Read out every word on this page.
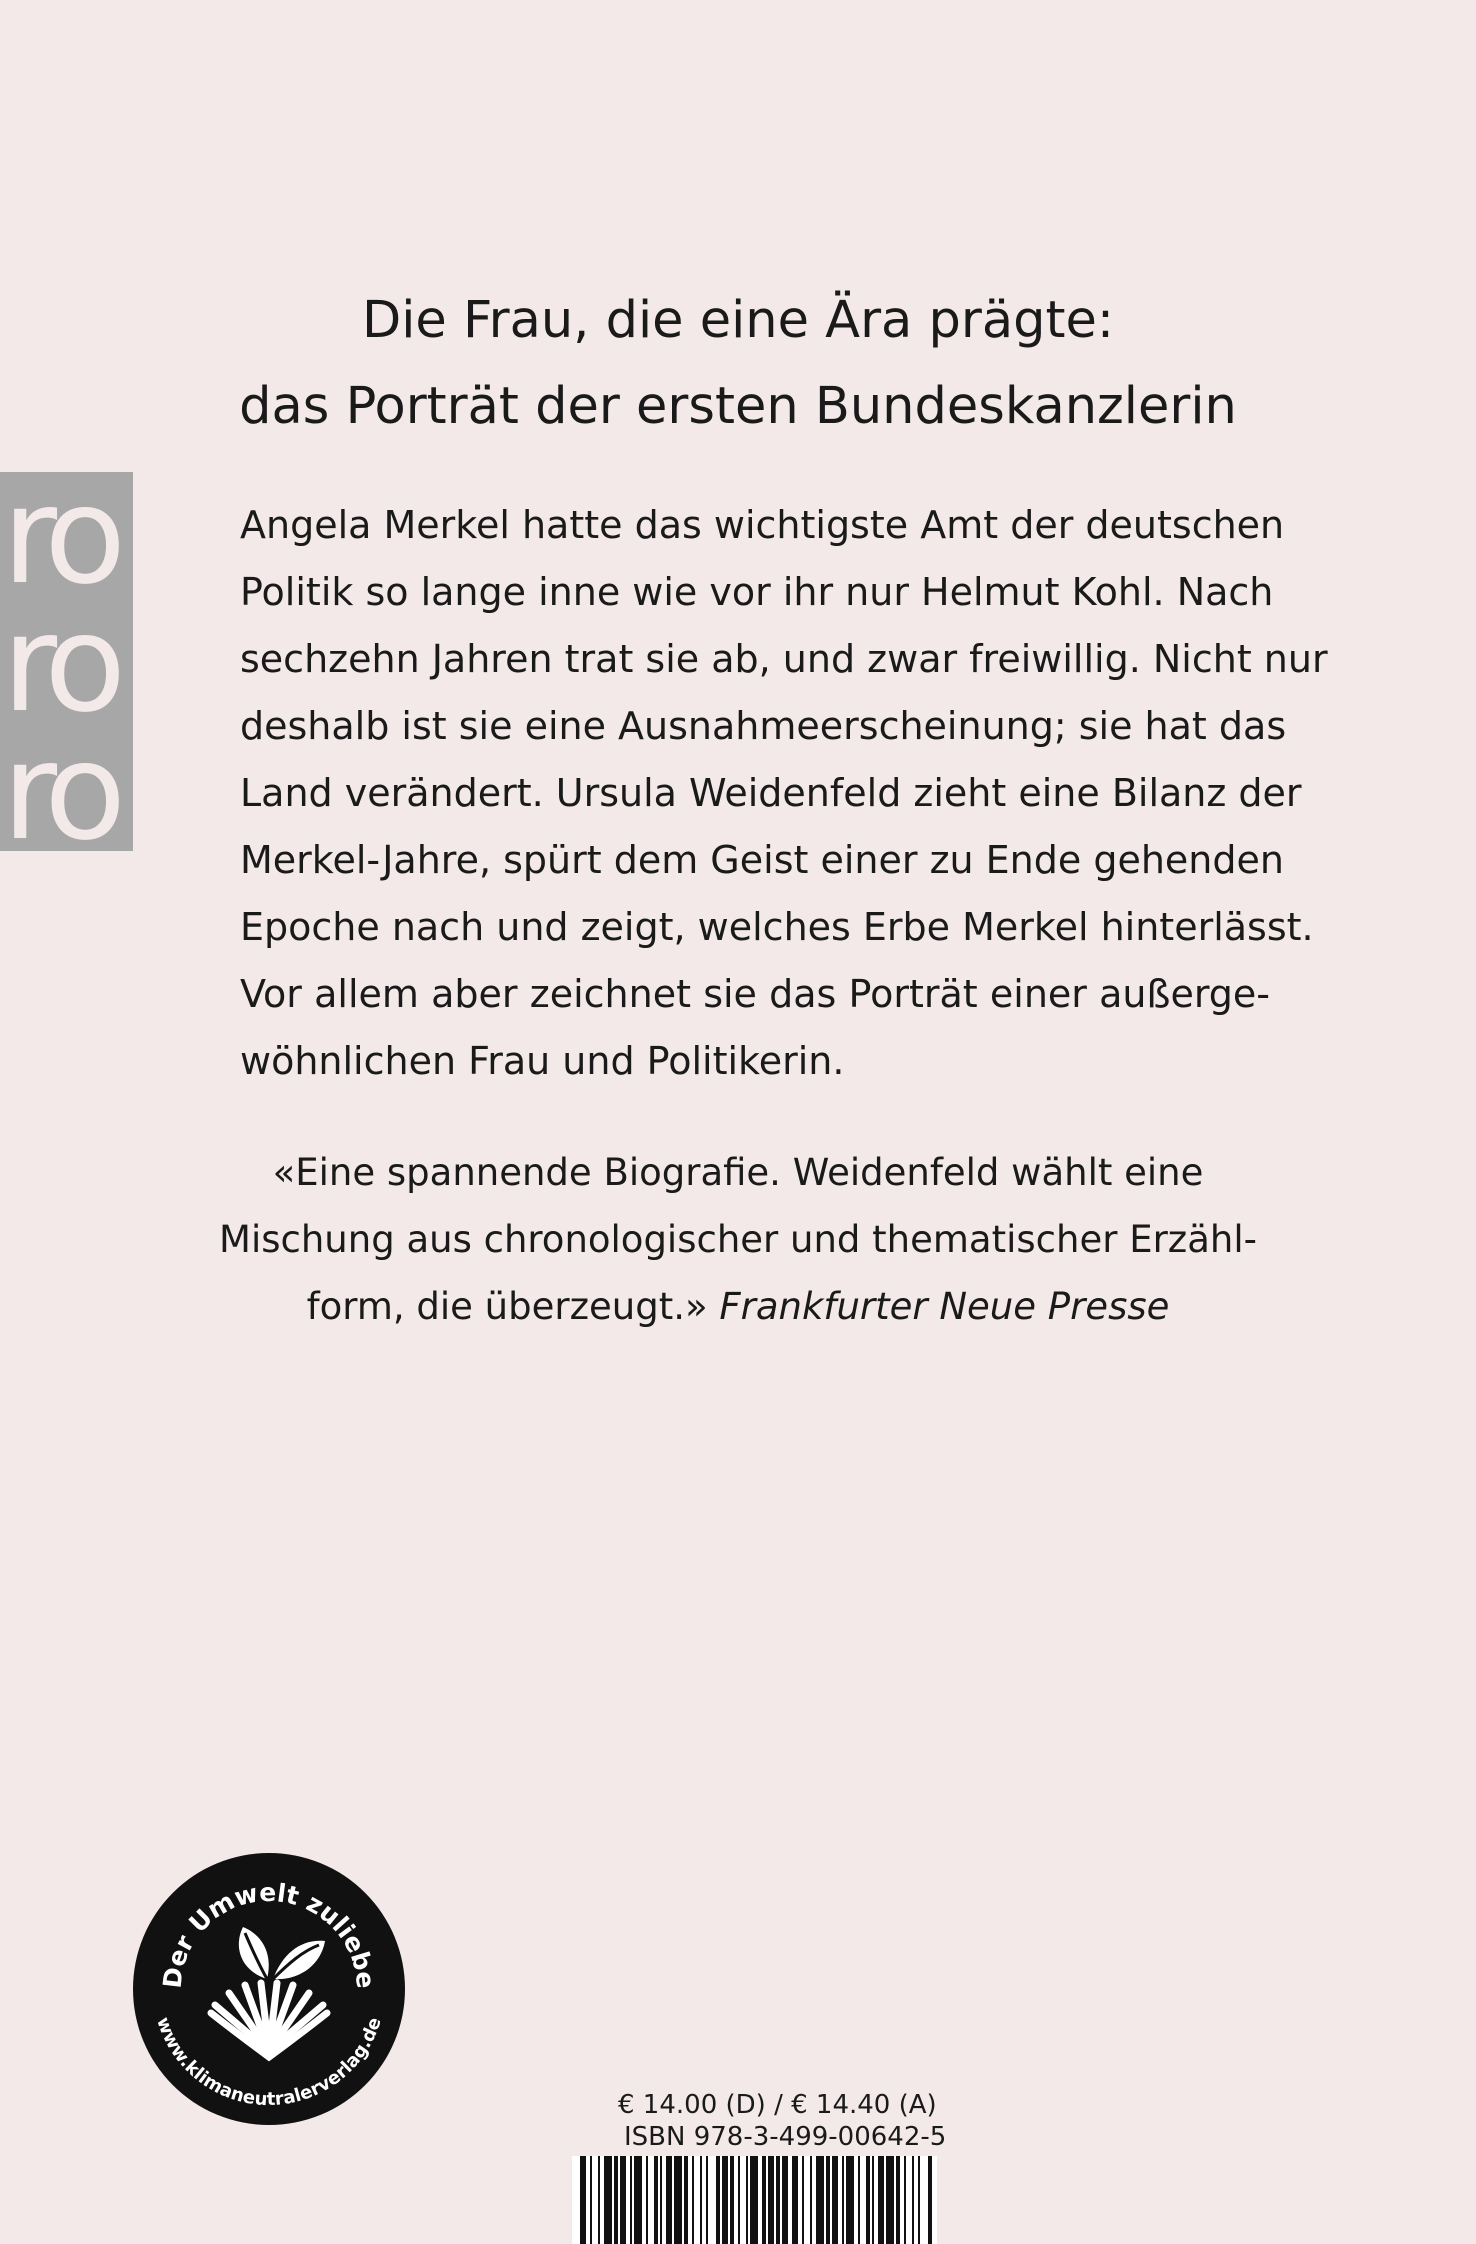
Die Frau, die eine Ära prägte:
das Porträt der ersten Bundeskanzlerin
ro
ro
ro
Angela Merkel hatte das wichtigste Amt der deutschen
Politik so lange inne wie vor ihr nur Helmut Kohl. Nach
sechzehn Jahren trat sie ab, und zwar freiwillig. Nicht nur
deshalb ist sie eine Ausnahmeerscheinung; sie hat das
Land verändert. Ursula Weidenfeld zieht eine Bilanz der
Merkel-Jahre, spürt dem Geist einer zu Ende gehenden
Epoche nach und zeigt, welches Erbe Merkel hinterlässt.
Vor allem aber zeichnet sie das Porträt einer außerge-
wöhnlichen Frau und Politikerin.
«Eine spannende Biografie. Weidenfeld wählt eine
Mischung aus chronologischer und thematischer Erzähl-
form, die überzeugt.» Frankfurter Neue Presse
Der Umwelt zuliebe
www.klimaneutralerverlag.de
€ 14.00 (D) / € 14.40 (A)
ISBN 978-3-499-00642-5
